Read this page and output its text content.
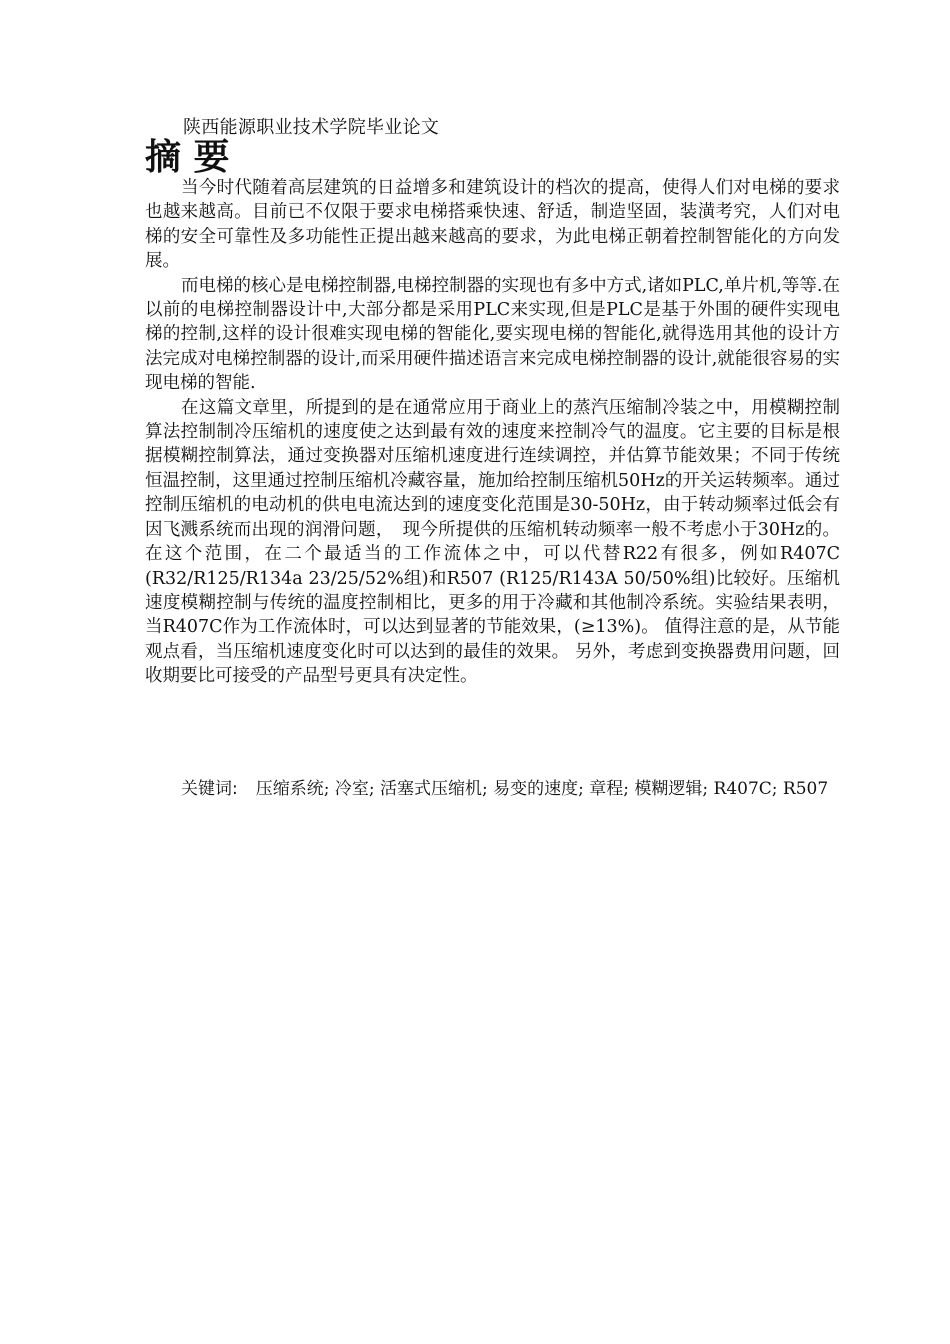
陕西能源职业技术学院毕业论文
摘 要

当今时代随着高层建筑的日益增多和建筑设计的档次的提高，使得人们对电梯的要求也越来越高。目前已不仅限于要求电梯搭乘快速、舒适，制造坚固，装潢考究，人们对电梯的安全可靠性及多功能性正提出越来越高的要求，为此电梯正朝着控制智能化的方向发展。

而电梯的核心是电梯控制器,电梯控制器的实现也有多中方式,诸如PLC,单片机,等等.在以前的电梯控制器设计中,大部分都是采用PLC来实现,但是PLC是基于外围的硬件实现电梯的控制,这样的设计很难实现电梯的智能化,要实现电梯的智能化,就得选用其他的设计方法完成对电梯控制器的设计,而采用硬件描述语言来完成电梯控制器的设计,就能很容易的实现电梯的智能.

在这篇文章里，所提到的是在通常应用于商业上的蒸汽压缩制冷装之中，用模糊控制算法控制制冷压缩机的速度使之达到最有效的速度来控制冷气的温度。它主要的目标是根据模糊控制算法，通过变换器对压缩机速度进行连续调控，并估算节能效果；不同于传统恒温控制，这里通过控制压缩机冷藏容量，施加给控制压缩机50Hz的开关运转频率。通过控制压缩机的电动机的供电电流达到的速度变化范围是30-50Hz，由于转动频率过低会有因飞溅系统而出现的润滑问题，　现今所提供的压缩机转动频率一般不考虑小于30Hz的。在这个范围，在二个最适当的工作流体之中，可以代替R22有很多，例如R407C (R32/R125/R134a 23/25/52%组)和R507 (R125/R143A 50/50%组)比较好。压缩机速度模糊控制与传统的温度控制相比，更多的用于冷藏和其他制冷系统。实验结果表明，当R407C作为工作流体时，可以达到显著的节能效果，(≥13%)。 值得注意的是，从节能观点看，当压缩机速度变化时可以达到的最佳的效果。 另外，考虑到变换器费用问题，回收期要比可接受的产品型号更具有决定性。

关键词: 压缩系统; 冷室; 活塞式压缩机; 易变的速度; 章程; 模糊逻辑; R407C; R507
